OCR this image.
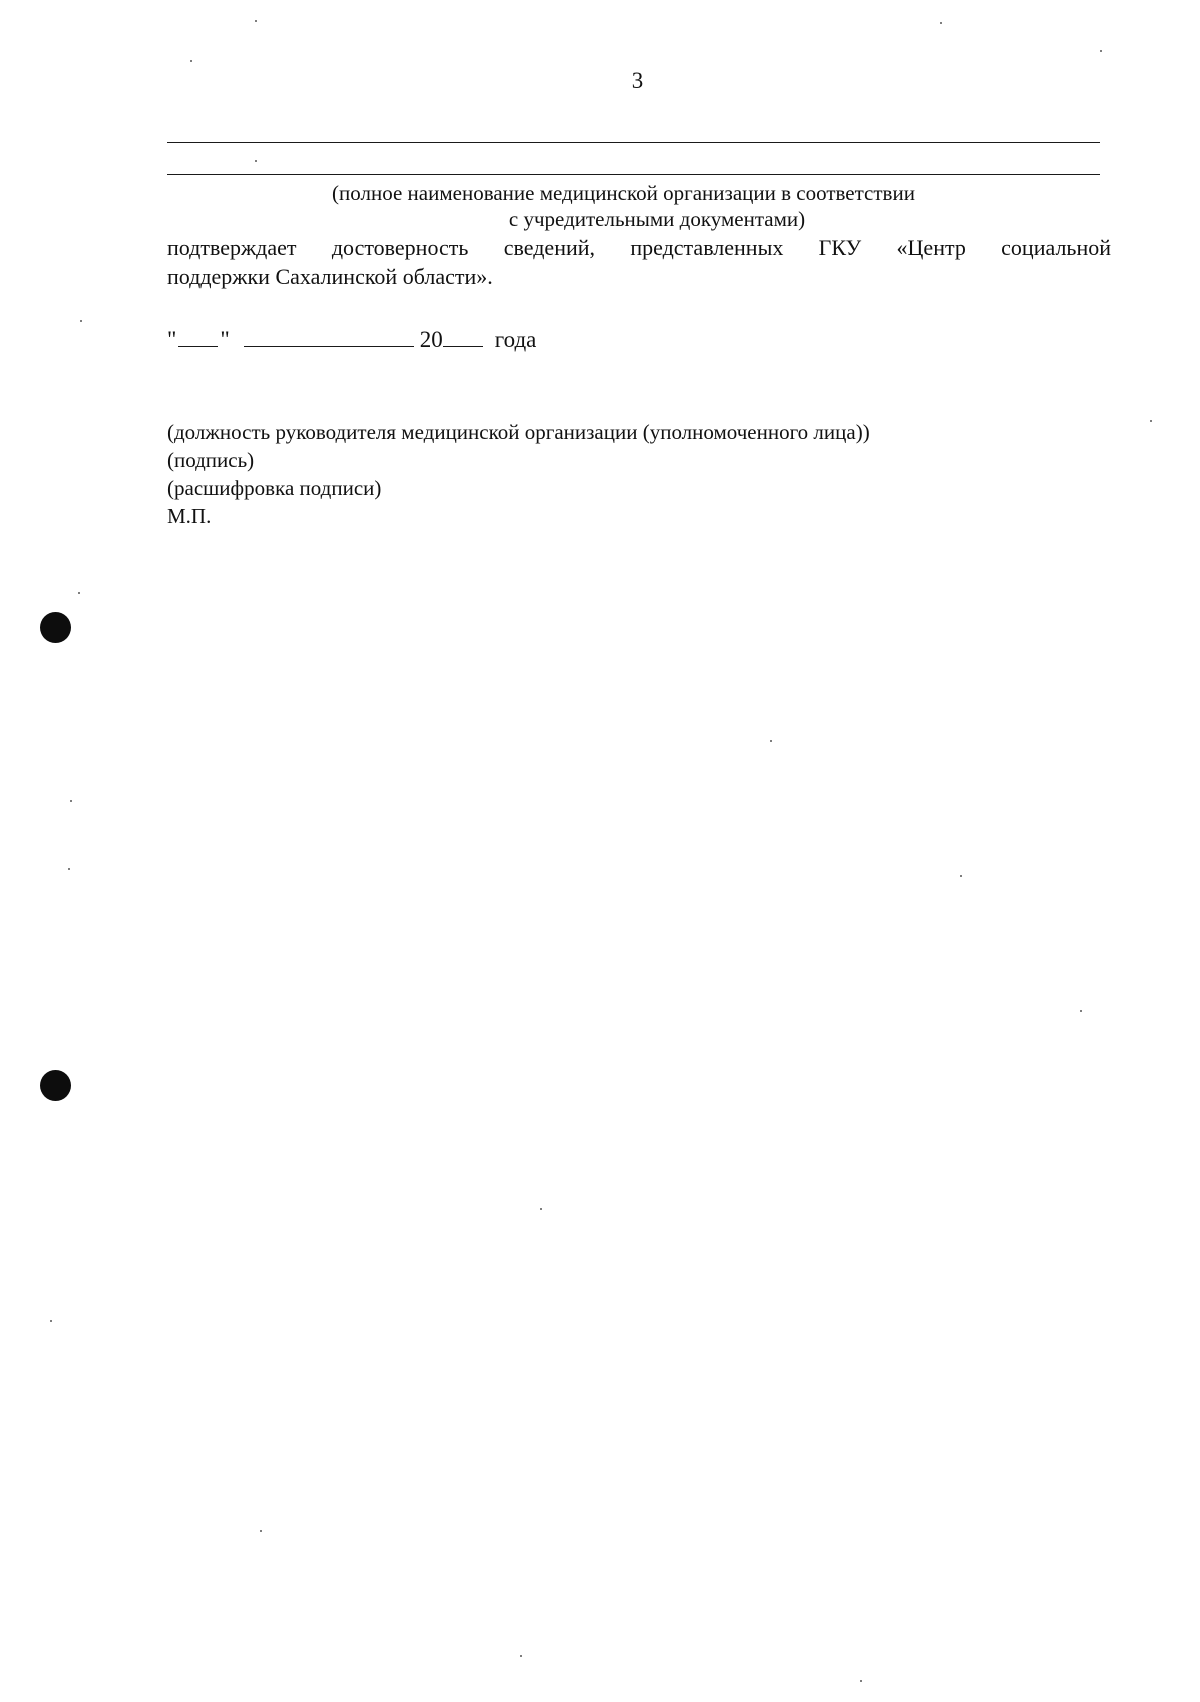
3
(полное наименование медицинской организации в соответствии
с учредительными документами)
подтверждает достоверность сведений, представленных ГКУ «Центр социальной
поддержки Сахалинской области».
" "	20 года
(должность руководителя медицинской организации (уполномоченного лица))
(подпись)
(расшифровка подписи)
М.П.
